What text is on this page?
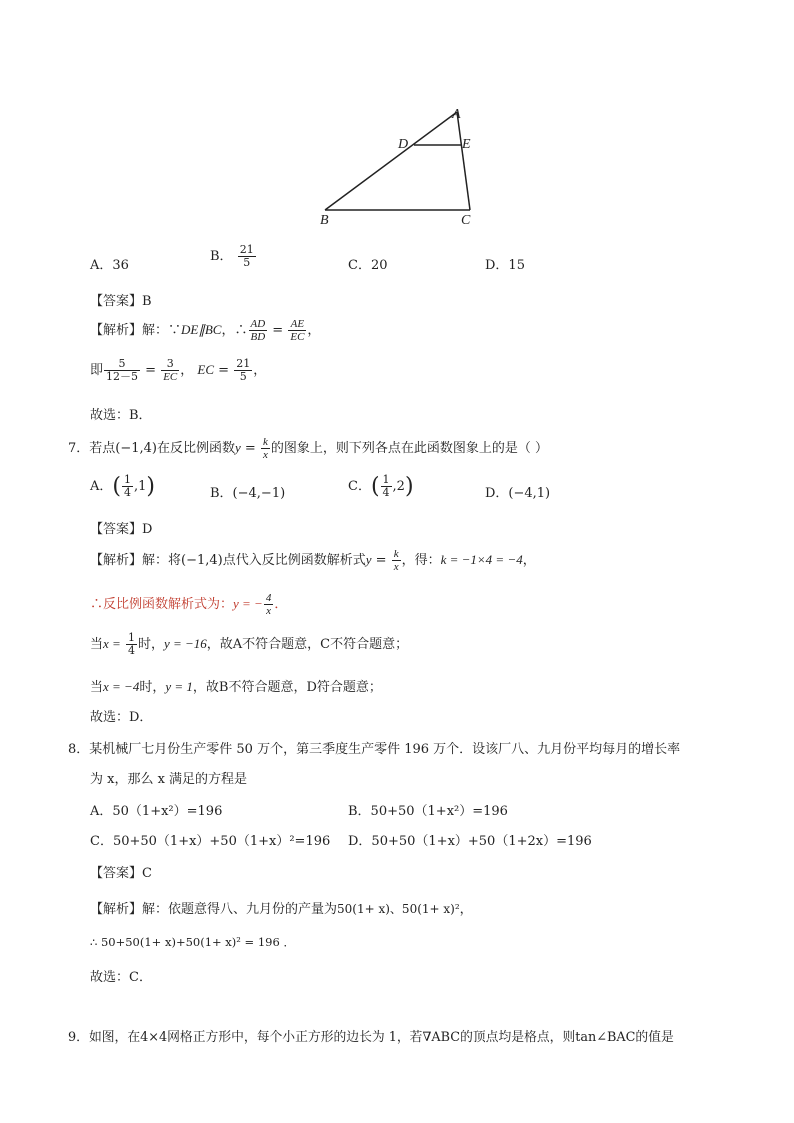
A
D	E
B	C
A．36
B． $\frac{21}{5}$	C．20	D．15
【答案】B
【解析】解：∵DE∥BC，∴ $\frac{AD}{BD} = \frac{AE}{EC}$ ，
即 $\frac{5}{12-5} = \frac{3}{EC}$ ， EC = $\frac{21}{5}$ ，
故选：B．
7．若点(−1,4)在反比例函数$y = \frac{k}{x}$ 的图象上，则下列各点在此函数图象上的是（ ）
A．( $\frac{1}{4} ,1$)	B．(−4,−1)	C．( $\frac{1}{4} ,2$)	D．(−4,1)
【答案】D
【解析】解：将(−1,4)点代入反比例函数解析式$y = \frac{k}{x}$ ，得：k = −1×4 = −4，
∴反比例函数解析式为：y = − $\frac{4}{x}$ ．
当$x = \frac{1}{4}$ 时，y = −16，故A不符合题意，C不符合题意；
当x = −4时，y = 1，故B不符合题意，D符合题意；
故选：D．
8．某机械厂七月份生产零件 50 万个，第三季度生产零件 196 万个．设该厂八、九月份平均每月的增长率
为 x，那么 x 满足的方程是
A．50（1+x²）=196	B．50+50（1+x²）=196
C．50+50（1+x）+50（1+x）²=196 D．50+50（1+x）+50（1+2x）=196
【答案】C
【解析】解：依题意得八、九月份的产量为50(1+ x)、50(1+ x)²，
∴ 50+50(1+ x)+50(1+ x)² = 196 ．
故选：C．
9．如图，在4×4网格正方形中，每个小正方形的边长为 1，若∇ABC的顶点均是格点，则tan∠BAC的值是
